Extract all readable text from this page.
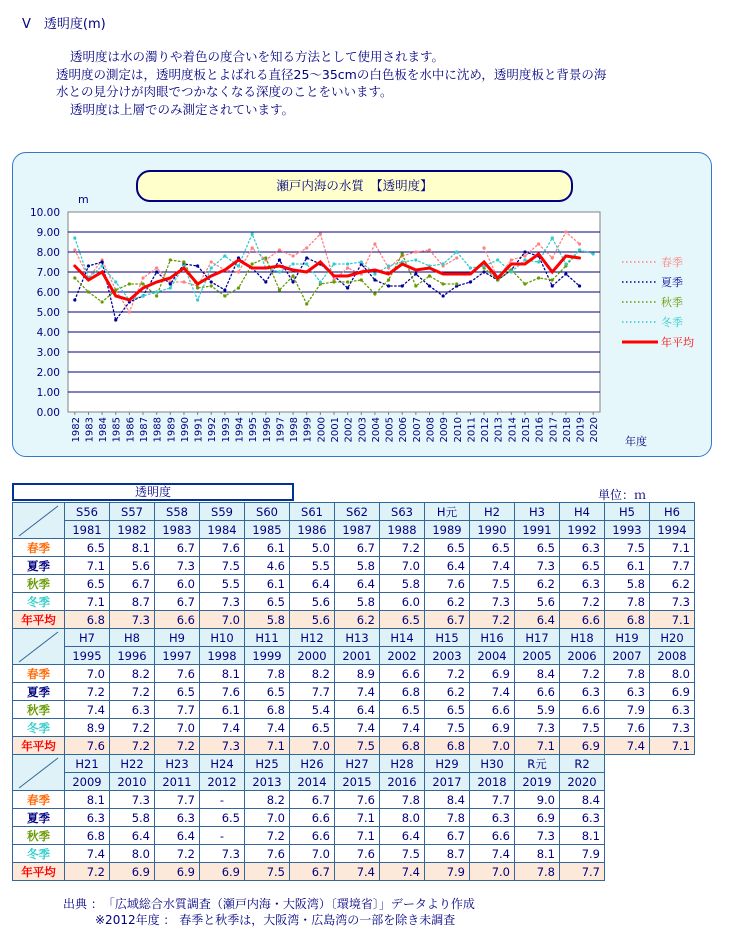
Ⅴ　透明度(m)
透明度は水の濁りや着色の度合いを知る方法として使用されます。
透明度の測定は，透明度板とよばれる直径25～35cmの白色板を水中に沈め，透明度板と背景の海
水との見分けが肉眼でつかなくなる深度のことをいいます。
透明度は上層でのみ測定されています。
瀬戸内海の水質　【透明度】
m
年度
0.00
1.00
2.00
3.00
4.00
5.00
6.00
7.00
8.00
9.00
10.00
1982 1983 1984 1985 1986 1987 1988 1989 1990 1991 1992 1993 1994 1995 1996 1997 1998 1999 2000 2001 2002 2003 2004 2005 2006 2007 2008 2009 2010 2011 2012 2013 2014 2015 2016 2017 2018 2019 2020
春季
夏季
秋季
冬季
年平均
透明度	単位：ｍ
	S56	S57	S58	S59	S60	S61	S62	S63	H元	H2	H3	H4	H5	H6
	1981	1982	1983	1984	1985	1986	1987	1988	1989	1990	1991	1992	1993	1994
春季	6.5	8.1	6.7	7.6	6.1	5.0	6.7	7.2	6.5	6.5	6.5	6.3	7.5	7.1
夏季	7.1	5.6	7.3	7.5	4.6	5.5	5.8	7.0	6.4	7.4	7.3	6.5	6.1	7.7
秋季	6.5	6.7	6.0	5.5	6.1	6.4	6.4	5.8	7.6	7.5	6.2	6.3	5.8	6.2
冬季	7.1	8.7	6.7	7.3	6.5	5.6	5.8	6.0	6.2	7.3	5.6	7.2	7.8	7.3
年平均	6.8	7.3	6.6	7.0	5.8	5.6	6.2	6.5	6.7	7.2	6.4	6.6	6.8	7.1
	H7	H8	H9	H10	H11	H12	H13	H14	H15	H16	H17	H18	H19	H20
	1995	1996	1997	1998	1999	2000	2001	2002	2003	2004	2005	2006	2007	2008
春季	7.0	8.2	7.6	8.1	7.8	8.2	8.9	6.6	7.2	6.9	8.4	7.2	7.8	8.0
夏季	7.2	7.2	6.5	7.6	6.5	7.7	7.4	6.8	6.2	7.4	6.6	6.3	6.3	6.9
秋季	7.4	6.3	7.7	6.1	6.8	5.4	6.4	6.5	6.5	6.6	5.9	6.6	7.9	6.3
冬季	8.9	7.2	7.0	7.4	7.4	6.5	7.4	7.4	7.5	6.9	7.3	7.5	7.6	7.3
年平均	7.6	7.2	7.2	7.3	7.1	7.0	7.5	6.8	6.8	7.0	7.1	6.9	7.4	7.1
	H21	H22	H23	H24	H25	H26	H27	H28	H29	H30	R元	R2
	2009	2010	2011	2012	2013	2014	2015	2016	2017	2018	2019	2020
春季	8.1	7.3	7.7	-	8.2	6.7	7.6	7.8	8.4	7.7	9.0	8.4
夏季	6.3	5.8	6.3	6.5	7.0	6.6	7.1	8.0	7.8	6.3	6.9	6.3
秋季	6.8	6.4	6.4	-	7.2	6.6	7.1	6.4	6.7	6.6	7.3	8.1
冬季	7.4	8.0	7.2	7.3	7.6	7.0	7.6	7.5	8.7	7.4	8.1	7.9
年平均	7.2	6.9	6.9	6.9	7.5	6.7	7.4	7.4	7.9	7.0	7.8	7.7
出典 ：　「広域総合水質調査（瀬戸内海・大阪湾）〔環境省〕」データより作成
※2012年度 ： 春季と秋季は，大阪湾・広島湾の一部を除き未調査
